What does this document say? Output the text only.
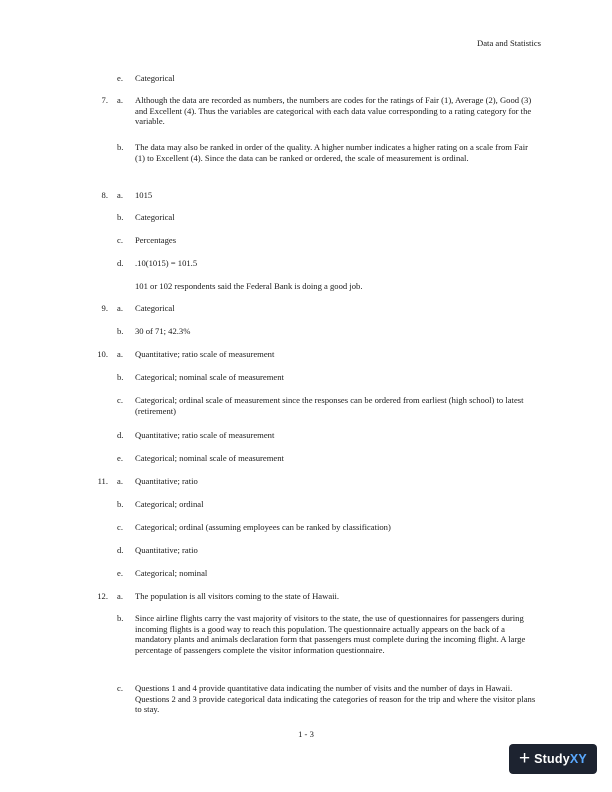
Data and Statistics
e. Categorical
7. a. Although the data are recorded as numbers, the numbers are codes for the ratings of Fair (1), Average (2), Good (3) and Excellent (4). Thus the variables are categorical with each data value corresponding to a rating category for the variable.
b. The data may also be ranked in order of the quality. A higher number indicates a higher rating on a scale from Fair (1) to Excellent (4). Since the data can be ranked or ordered, the scale of measurement is ordinal.
8. a. 1015
b. Categorical
c. Percentages
d. .10(1015) = 101.5
101 or 102 respondents said the Federal Bank is doing a good job.
9. a. Categorical
b. 30 of 71; 42.3%
10. a. Quantitative; ratio scale of measurement
b. Categorical; nominal scale of measurement
c. Categorical; ordinal scale of measurement since the responses can be ordered from earliest (high school) to latest (retirement)
d. Quantitative; ratio scale of measurement
e. Categorical; nominal scale of measurement
11. a. Quantitative; ratio
b. Categorical; ordinal
c. Categorical; ordinal (assuming employees can be ranked by classification)
d. Quantitative; ratio
e. Categorical; nominal
12. a. The population is all visitors coming to the state of Hawaii.
b. Since airline flights carry the vast majority of visitors to the state, the use of questionnaires for passengers during incoming flights is a good way to reach this population. The questionnaire actually appears on the back of a mandatory plants and animals declaration form that passengers must complete during the incoming flight. A large percentage of passengers complete the visitor information questionnaire.
c. Questions 1 and 4 provide quantitative data indicating the number of visits and the number of days in Hawaii. Questions 2 and 3 provide categorical data indicating the categories of reason for the trip and where the visitor plans to stay.
1 - 3
+ StudyXY
